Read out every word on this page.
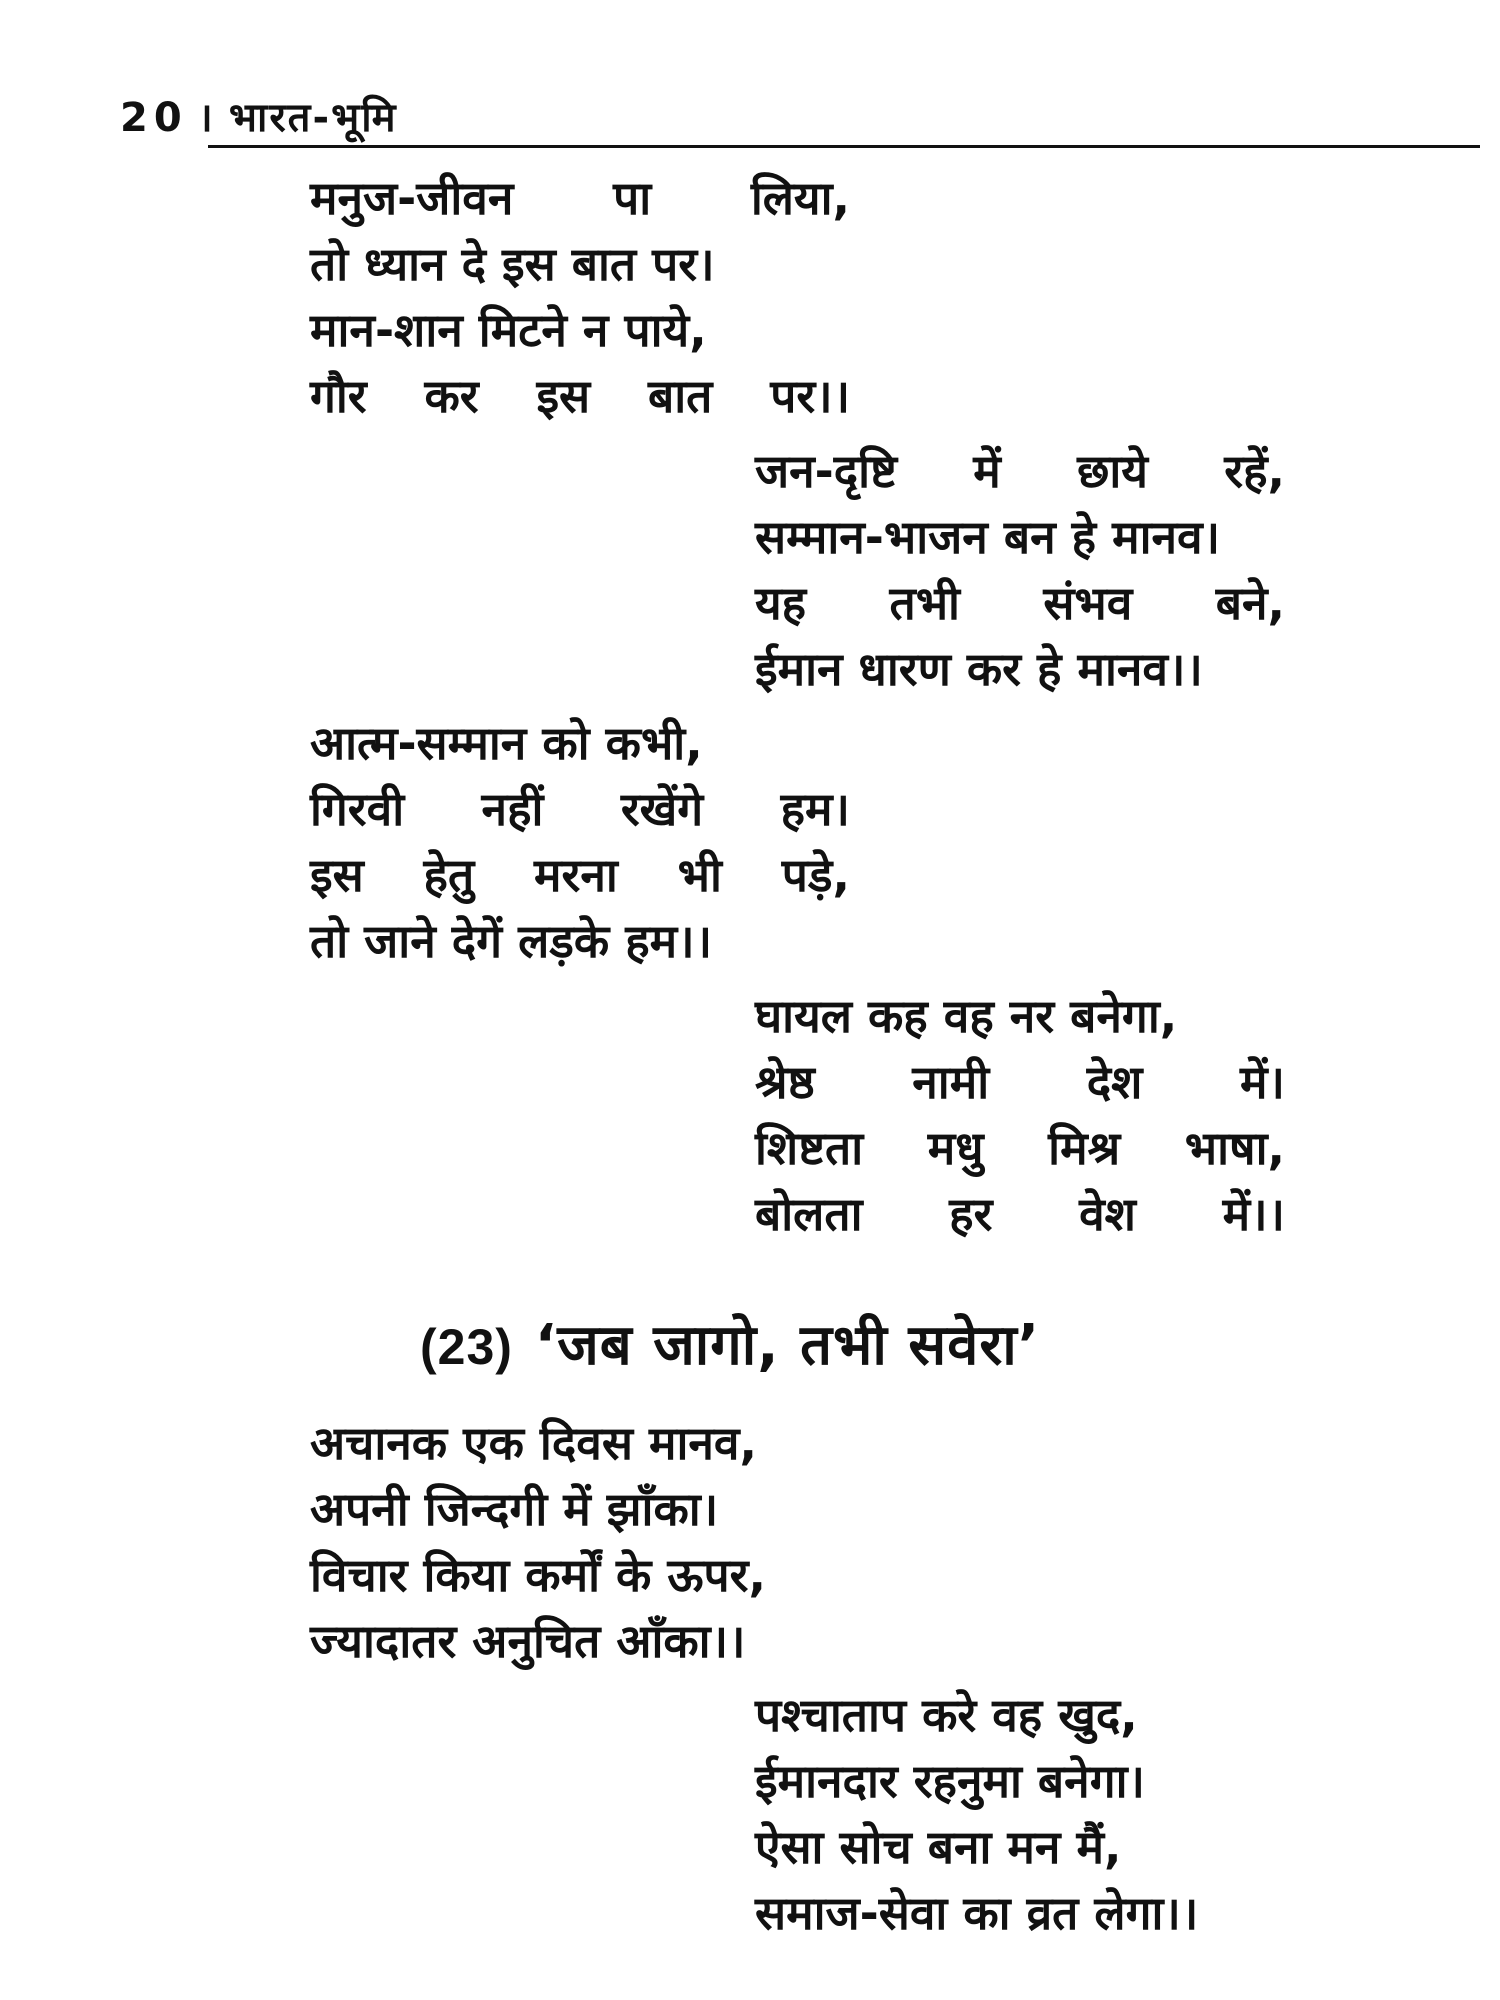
20 । भारत-भूमि
मनुज-जीवन पा लिया,
तो ध्यान दे इस बात पर।
मान-शान मिटने न पाये,
गौर कर इस बात पर।।
जन-दृष्टि में छाये रहें,
सम्मान-भाजन बन हे मानव।
यह तभी संभव बने,
ईमान धारण कर हे मानव।।
आत्म-सम्मान को कभी,
गिरवी नहीं रखेंगे हम।
इस हेतु मरना भी पड़े,
तो जाने देगें लड़के हम।।
घायल कह वह नर बनेगा,
श्रेष्ठ नामी देश में।
शिष्टता मधु मिश्र भाषा,
बोलता हर वेश में।।
(23) ‘जब जागो, तभी सवेरा’
अचानक एक दिवस मानव,
अपनी जिन्दगी में झाँका।
विचार किया कर्मों के ऊपर,
ज्यादातर अनुचित आँका।।
पश्चाताप करे वह खुद,
ईमानदार रहनुमा बनेगा।
ऐसा सोच बना मन मैं,
समाज-सेवा का व्रत लेगा।।
